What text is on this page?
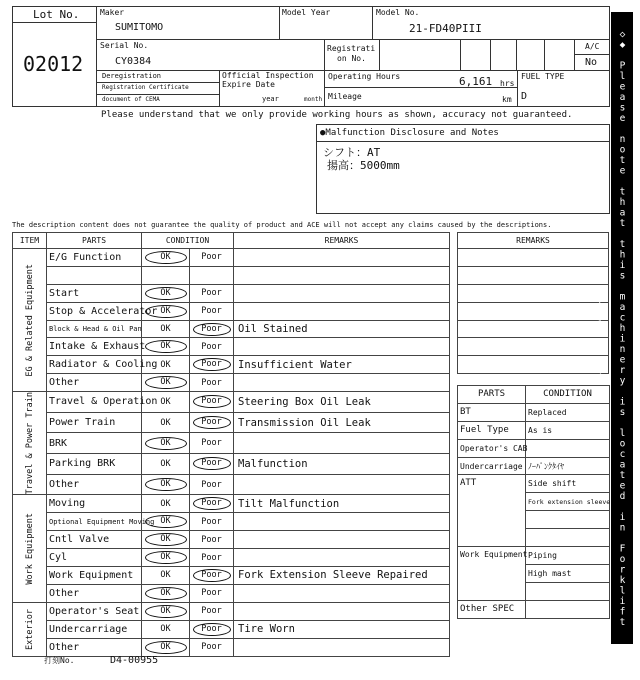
Lot No.
02012
Maker
SUMITOMO
Model Year	Model No.
21-FD40PIII
Serial No.
CY0384
Registrati
on No.
A/C
No
Deregistration
Registration Certificate
document of CEMA
Official Inspection
Expire Date
year	month
Operating Hours	6,161 hrs
Mileage	km
FUEL TYPE
D
Please understand that we only provide working hours as shown, accuracy not guaranteed.
●Malfunction Disclosure and Notes
シフト：AT
揚高：5000mm
The description content does not guarantee the quality of product and ACE will not accept any claims caused by the descriptions.
ITEM	PARTS	CONDITION		REMARKS

EG & Related Equipment	E/G Function	OK	Poor	

	Start	OK	Poor	
	Stop & Accelerator	OK	Poor	
	Block & Head & Oil Pan	OK	Poor	Oil Stained
	Intake & Exhaust	OK	Poor	
	Radiator & Cooling	OK	Poor	Insufficient Water
	Other	OK	Poor	

Travel & Power Train	Travel & Operation	OK	Poor	Steering Box Oil Leak
	Power Train	OK	Poor	Transmission Oil Leak
	BRK	OK	Poor	
	Parking BRK	OK	Poor	Malfunction
	Other	OK	Poor	

Work Equipment	Moving	OK	Poor	Tilt Malfunction
	Optional Equipment Moving	OK	Poor	
	Cntl Valve	OK	Poor	
	Cyl	OK	Poor	
	Work Equipment	OK	Poor	Fork Extension Sleeve Repaired
	Other	OK	Poor	

Exterior	Operator's Seat	OK	Poor	
	Undercarriage	OK	Poor	Tire Worn
	Other	OK	Poor	
REMARKS

PARTS	CONDITION
BT	Replaced
Fuel Type	As is
Operator's CAB	
Undercarriage	ﾉｰﾊﾟﾝｸﾀｲﾔ
ATT	Side shift
	Fork extension sleeve

Work Equipment	Piping
	High mast

Other SPEC		◇◆ Please note that this machinery is located in Forklift Parking ◆◇
打刻No.	D4-00955
